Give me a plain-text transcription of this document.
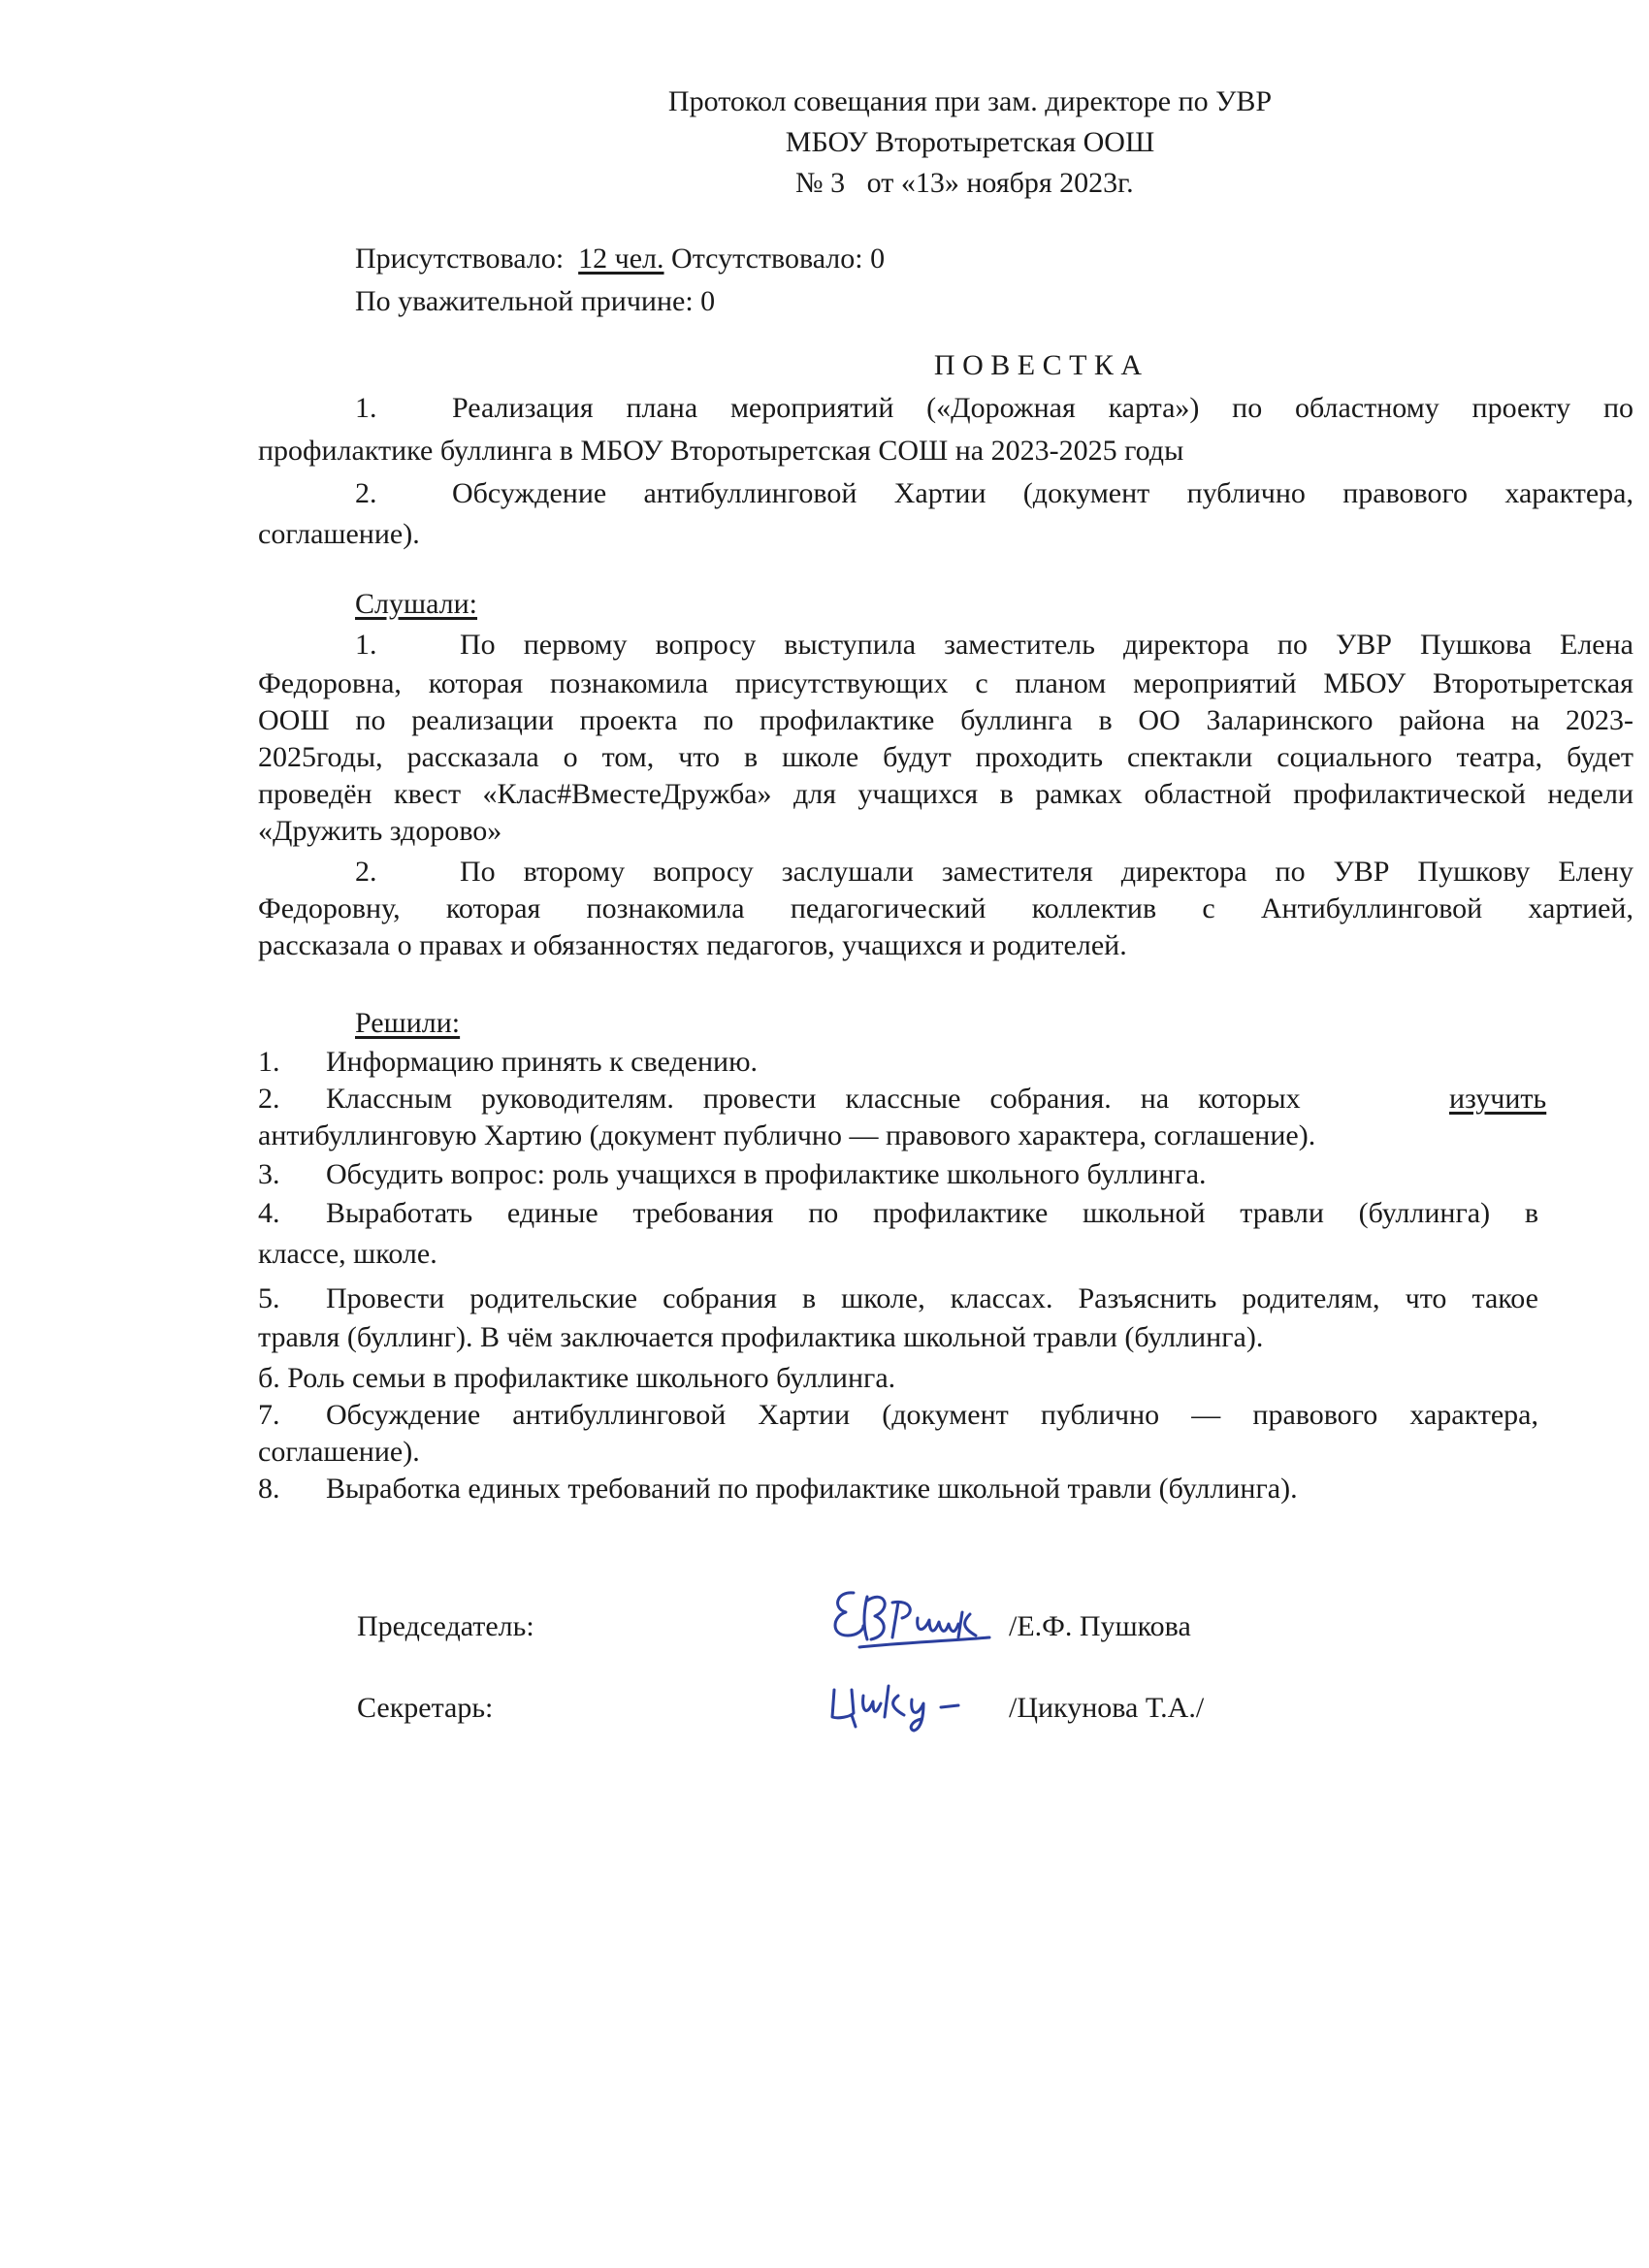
Протокол совещания при зам. директоре по УВР
МБОУ Второтыретская ООШ
№ 3 от «13» ноября 2023г.
Присутствовало: 12 чел. Отсутствовало: 0
По уважительной причине: 0
П О В Е С Т К А
1.	Реализация плана мероприятий («Дорожная карта») по областному проекту по
профилактике буллинга в МБОУ Второтыретская СОШ на 2023-2025 годы
2.	Обсуждение антибуллинговой Хартии (документ публично правового характера,
соглашение).
Слушали:
1.	По первому вопросу выступила заместитель директора по УВР Пушкова Елена
Федоровна, которая познакомила присутствующих с планом мероприятий МБОУ Второтыретская
ООШ по реализации проекта по профилактике буллинга в ОО Заларинского района на 2023-
2025годы, рассказала о том, что в школе будут проходить спектакли социального театра, будет
проведён квест «Клас#ВместеДружба» для учащихся в рамках областной профилактической недели
«Дружить здорово»
2.	По второму вопросу заслушали заместителя директора по УВР Пушкову Елену
Федоровну, которая познакомила педагогический коллектив с Антибуллинговой хартией,
рассказала о правах и обязанностях педагогов, учащихся и родителей.
Решили:
1. Информацию принять к сведению.
2. Классным    руководителям.    провести    классные    собрания.    на    которых	изучить
антибуллинговую Хартию (документ публично — правового характера, соглашение).
3. Обсудить вопрос: роль учащихся в профилактике школьного буллинга.
4. Выработать единые требования по профилактике школьной травли (буллинга) в
классе, школе.
5. Провести родительские собрания в школе, классах. Разъяснить родителям, что такое
травля (буллинг). В чём заключается профилактика школьной травли (буллинга).
б. Роль семьи в профилактике школьного буллинга.
7. Обсуждение антибуллинговой Хартии (документ публично — правового характера,
соглашение).
8. Выработка единых требований по профилактике школьной травли (буллинга).
Председатель:	/Е.Ф. Пушкова
Секретарь:	/Цикунова Т.А./
